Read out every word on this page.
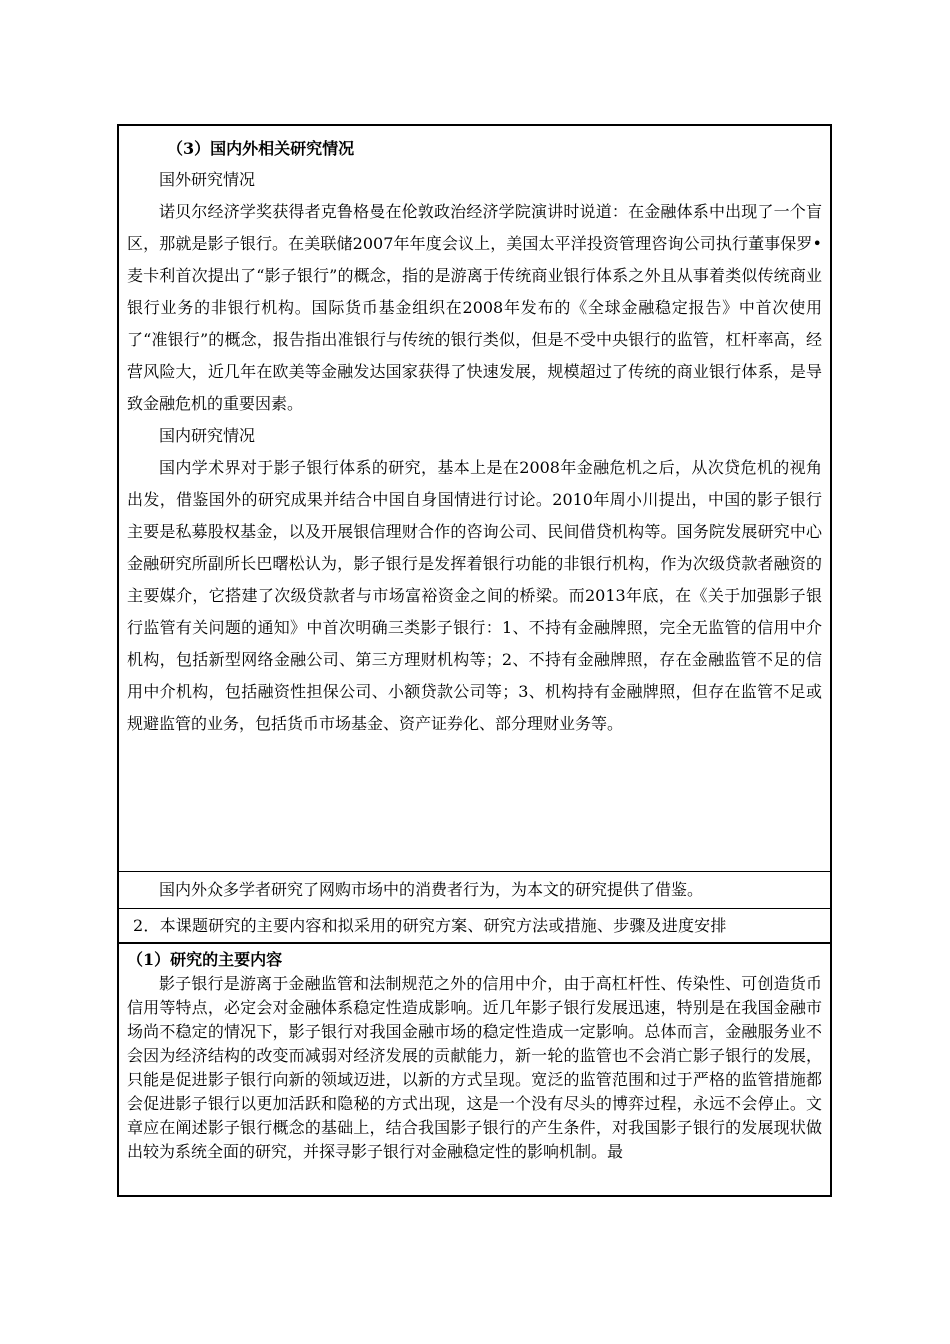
（3）国内外相关研究情况

国外研究情况

诺贝尔经济学奖获得者克鲁格曼在伦敦政治经济学院演讲时说道：在金融体系中出现了一个盲区，那就是影子银行。在美联储2007年年度会议上，美国太平洋投资管理咨询公司执行董事保罗•麦卡利首次提出了“影子银行”的概念，指的是游离于传统商业银行体系之外且从事着类似传统商业银行业务的非银行机构。国际货币基金组织在2008年发布的《全球金融稳定报告》中首次使用了“准银行”的概念，报告指出准银行与传统的银行类似，但是不受中央银行的监管，杠杆率高，经营风险大，近几年在欧美等金融发达国家获得了快速发展，规模超过了传统的商业银行体系，是导致金融危机的重要因素。

国内研究情况

国内学术界对于影子银行体系的研究，基本上是在2008年金融危机之后，从次贷危机的视角出发，借鉴国外的研究成果并结合中国自身国情进行讨论。2010年周小川提出，中国的影子银行主要是私募股权基金，以及开展银信理财合作的咨询公司、民间借贷机构等。国务院发展研究中心金融研究所副所长巴曙松认为，影子银行是发挥着银行功能的非银行机构，作为次级贷款者融资的主要媒介，它搭建了次级贷款者与市场富裕资金之间的桥梁。而2013年底，在《关于加强影子银行监管有关问题的通知》中首次明确三类影子银行：1、不持有金融牌照，完全无监管的信用中介机构，包括新型网络金融公司、第三方理财机构等；2、不持有金融牌照，存在金融监管不足的信用中介机构，包括融资性担保公司、小额贷款公司等；3、机构持有金融牌照，但存在监管不足或规避监管的业务，包括货币市场基金、资产证券化、部分理财业务等。

国内外众多学者研究了网购市场中的消费者行为，为本文的研究提供了借鉴。

2．本课题研究的主要内容和拟采用的研究方案、研究方法或措施、步骤及进度安排

（1）研究的主要内容

影子银行是游离于金融监管和法制规范之外的信用中介，由于高杠杆性、传染性、可创造货币信用等特点，必定会对金融体系稳定性造成影响。近几年影子银行发展迅速，特别是在我国金融市场尚不稳定的情况下，影子银行对我国金融市场的稳定性造成一定影响。总体而言，金融服务业不会因为经济结构的改变而减弱对经济发展的贡献能力，新一轮的监管也不会消亡影子银行的发展，只能是促进影子银行向新的领域迈进，以新的方式呈现。宽泛的监管范围和过于严格的监管措施都会促进影子银行以更加活跃和隐秘的方式出现，这是一个没有尽头的博弈过程，永远不会停止。文章应在阐述影子银行概念的基础上，结合我国影子银行的产生条件，对我国影子银行的发展现状做出较为系统全面的研究，并探寻影子银行对金融稳定性的影响机制。最
